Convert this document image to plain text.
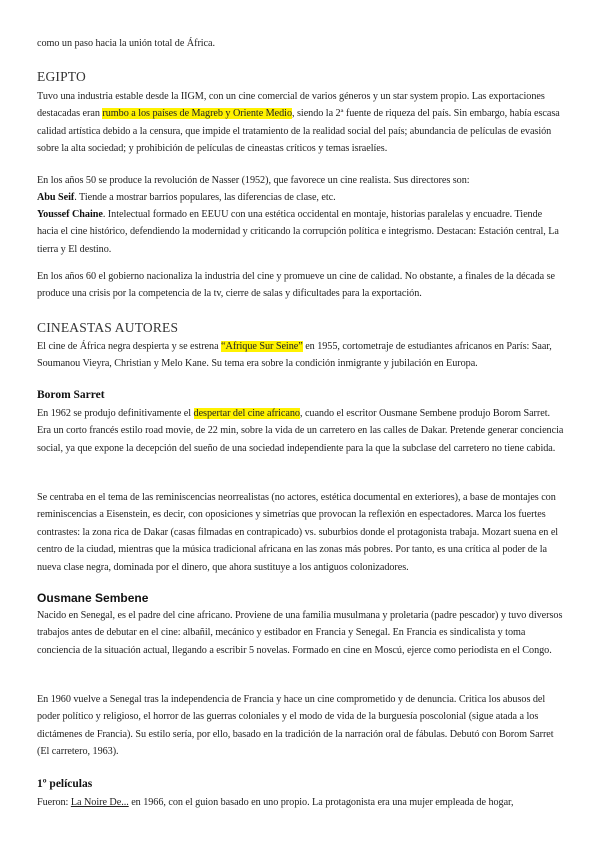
como un paso hacia la unión total de África.

EGIPTO

Tuvo una industria estable desde la IIGM, con un cine comercial de varios géneros y un star system propio. Las exportaciones destacadas eran rumbo a los países de Magreb y Oriente Medio, siendo la 2ª fuente de riqueza del país. Sin embargo, había escasa calidad artística debido a la censura, que impide el tratamiento de la realidad social del país; abundancia de películas de evasión sobre la alta sociedad; y prohibición de películas de cineastas críticos y temas israelíes.

En los años 50 se produce la revolución de Nasser (1952), que favorece un cine realista. Sus directores son:

Abu Seif. Tiende a mostrar barrios populares, las diferencias de clase, etc.

Youssef Chaine. Intelectual formado en EEUU con una estética occidental en montaje, historias paralelas y encuadre. Tiende hacia el cine histórico, defendiendo la modernidad y criticando la corrupción política e integrismo. Destacan: Estación central, La tierra y El destino.

En los años 60 el gobierno nacionaliza la industria del cine y promueve un cine de calidad. No obstante, a finales de la década se produce una crisis por la competencia de la tv, cierre de salas y dificultades para la exportación.

CINEASTAS AUTORES

El cine de África negra despierta y se estrena “Afrique Sur Seine” en 1955, cortometraje de estudiantes africanos en París: Saar, Soumanou Vieyra, Christian y Melo Kane. Su tema era sobre la condición inmigrante y jubilación en Europa.

Borom Sarret

En 1962 se produjo definitivamente el despertar del cine africano, cuando el escritor Ousmane Sembene produjo Borom Sarret. Era un corto francés estilo road movie, de 22 min, sobre la vida de un carretero en las calles de Dakar. Pretende generar conciencia social, ya que expone la decepción del sueño de una sociedad independiente para la que la subclase del carretero no tiene cabida.

Se centraba en el tema de las reminiscencias neorrealistas (no actores, estética documental en exteriores), a base de montajes con reminiscencias a Eisenstein, es decir, con oposiciones y simetrías que provocan la reflexión en espectadores. Marca los fuertes contrastes: la zona rica de Dakar (casas filmadas en contrapicado) vs. suburbios donde el protagonista trabaja. Mozart suena en el centro de la ciudad, mientras que la música tradicional africana en las zonas más pobres. Por tanto, es una crítica al poder de la nueva clase negra, dominada por el dinero, que ahora sustituye a los antiguos colonizadores.

Ousmane Sembene

Nacido en Senegal, es el padre del cine africano. Proviene de una familia musulmana y proletaria (padre pescador) y tuvo diversos trabajos antes de debutar en el cine: albañil, mecánico y estibador en Francia y Senegal. En Francia es sindicalista y toma conciencia de la situación actual, llegando a escribir 5 novelas. Formado en cine en Moscú, ejerce como periodista en el Congo.

En 1960 vuelve a Senegal tras la independencia de Francia y hace un cine comprometido y de denuncia. Critica los abusos del poder político y religioso, el horror de las guerras coloniales y el modo de vida de la burguesía poscolonial (sigue atada a los dictámenes de Francia). Su estilo sería, por ello, basado en la tradición de la narración oral de fábulas. Debutó con Borom Sarret (El carretero, 1963).

1º películas

Fueron: La Noire De... en 1966, con el guion basado en uno propio. La protagonista era una mujer empleada de hogar,
